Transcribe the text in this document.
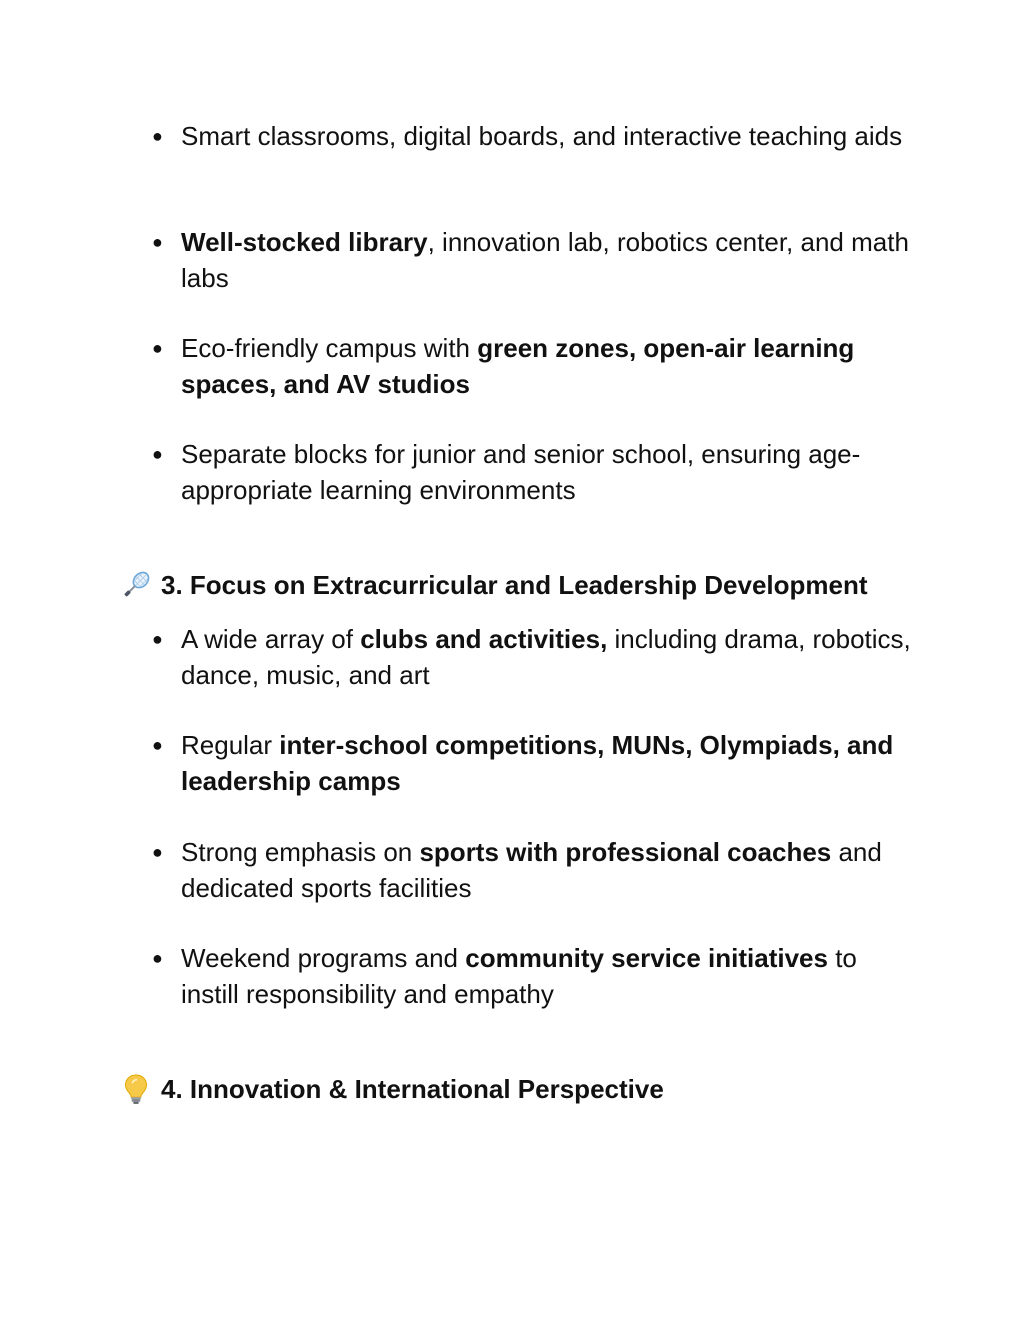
● Smart classrooms, digital boards, and interactive teaching aids
● Well-stocked library, innovation lab, robotics center, and math labs
● Eco-friendly campus with green zones, open-air learning spaces, and AV studios
● Separate blocks for junior and senior school, ensuring age-appropriate learning environments
3. Focus on Extracurricular and Leadership Development
● A wide array of clubs and activities, including drama, robotics, dance, music, and art
● Regular inter-school competitions, MUNs, Olympiads, and leadership camps
● Strong emphasis on sports with professional coaches and dedicated sports facilities
● Weekend programs and community service initiatives to instill responsibility and empathy
4. Innovation & International Perspective
